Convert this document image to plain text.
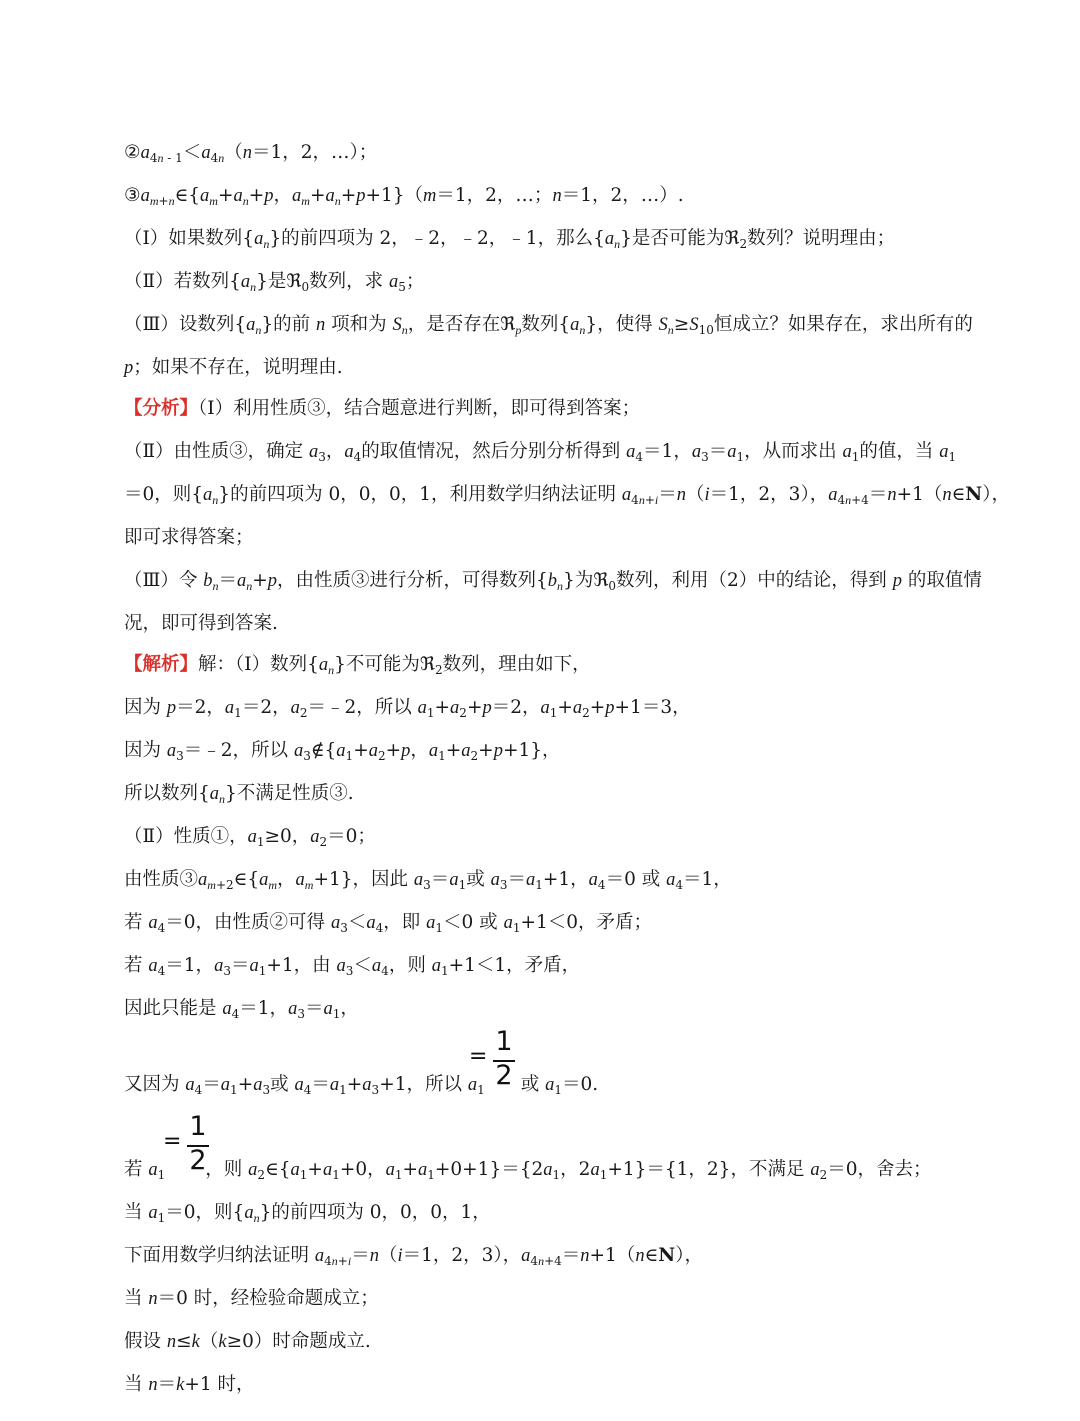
$②a_{4n}$ $_{- 1}<a_{4n}(n=1$，2，…）；
$③a_{m+n}\in\{a_m+a_n+p$，$a_m+a_n+p+1\}(m=1$，2，…；n＝1，2，…）.
（Ⅰ）如果数列$\{a_n\}$的前四项为 2，﹣2，﹣2，﹣1，那么$\{a_n\}$是否可能为ℜ$_2$数列？说明理由；
（Ⅱ）若数列$\{a_n\}$是ℜ$_0$数列，求 $a_5$；
（Ⅲ）设数列$\{a_n\}$的前 n 项和为 $S_n$，是否存在ℜ$_p$数列$\{a_n\}$，使得 $S_n\ge S_{10}$恒成立？如果存在，求出所有的
p；如果不存在，说明理由.
【分析】（Ⅰ）利用性质③，结合题意进行判断，即可得到答案；
（Ⅱ）由性质③，确定 $a_3$，$a_4$的取值情况，然后分别分析得到 $a_4=1$，$a_3=a_1$，从而求出 $a_1$的值，当 $a_1$
＝0，则$\{a_n\}$的前四项为 0，0，0，1，利用数学归纳法证明 $a_{4n+i}=n(i=1$，2，3），$a_{4n+4}=n+1(n\in N)$，
即可求得答案；
（Ⅲ）令 $b_n=a_n+p$，由性质③进行分析，可得数列$\{b_n\}$为ℜ$_0$数列，利用（2）中的结论，得到 p 的取值情
况，即可得到答案.
【解析】解：（Ⅰ）数列$\{a_n\}$不可能为ℜ$_2$数列，理由如下，
因为 p＝2，$a_1=2$，$a_2=﹣2$，所以 $a_1+a_2+p=2$，$a_1+a_2+p+1=3$，
因为 $a_3=﹣2$，所以 $a_3\notin\{a_1+a_2+p$，$a_1+a_2+p+1$}，
所以数列$\{a_n\}$不满足性质③.
（Ⅱ）性质①，$a_1\ge 0$，$a_2=0$；
由性质$③a_{m+2}\in\{a_m$，$a_m+1$}，因此 $a_3=a_1$或 $a_3=a_1+1$，$a_4=0$ 或 $a_4=1$，
若 $a_4=0$，由性质②可得 $a_3<a_4$，即 $a_1<0$ 或 $a_1+1<0$，矛盾；
若 $a_4=1$，$a_3=a_1+1$，由 $a_3<a_4$，则 $a_1+1<1$，矛盾，
因此只能是 $a_4=1$，$a_3=a_1$，
又因为 $a_4=a_1+a_3$或 $a_4=a_1+a_3+1$，所以 $a_1$ 或 $a_1=0$.
若 $a_1$ ，则 $a_2\in\{a_1+a_1+0$，$a_1+a_1+0+1\}=\{2a_1$，$2a_1+1\}=\{1$，2}，不满足 $a_2=0$，舍去；
当 $a_1=0$，则$\{a_n\}$的前四项为 0，0，0，1，
下面用数学归纳法证明 $a_{4n+i}=n(i=1$，2，3），$a_{4n+4}=n+1(n\in N)$，
当 n＝0 时，经检验命题成立；
假设 n≤k（k≥0）时命题成立.
当 n＝k+1 时，
= 1
2
= 1
2
